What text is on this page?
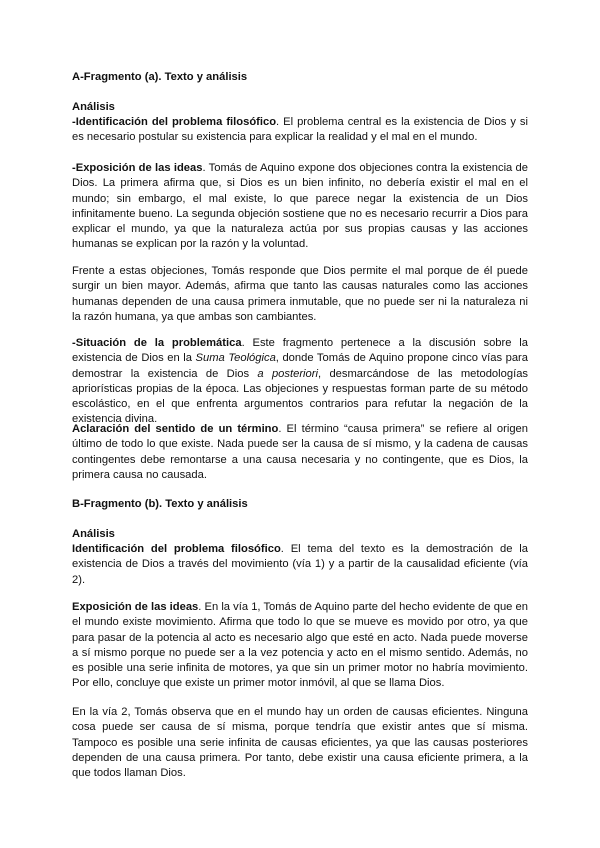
A-Fragmento (a). Texto y análisis

Análisis

-Identificación del problema filosófico. El problema central es la existencia de Dios y si es necesario postular su existencia para explicar la realidad y el mal en el mundo.

-Exposición de las ideas. Tomás de Aquino expone dos objeciones contra la existencia de Dios. La primera afirma que, si Dios es un bien infinito, no debería existir el mal en el mundo; sin embargo, el mal existe, lo que parece negar la existencia de un Dios infinitamente bueno. La segunda objeción sostiene que no es necesario recurrir a Dios para explicar el mundo, ya que la naturaleza actúa por sus propias causas y las acciones humanas se explican por la razón y la voluntad.

Frente a estas objeciones, Tomás responde que Dios permite el mal porque de él puede surgir un bien mayor. Además, afirma que tanto las causas naturales como las acciones humanas dependen de una causa primera inmutable, que no puede ser ni la naturaleza ni la razón humana, ya que ambas son cambiantes.

-Situación de la problemática. Este fragmento pertenece a la discusión sobre la existencia de Dios en la Suma Teológica, donde Tomás de Aquino propone cinco vías para demostrar la existencia de Dios a posteriori, desmarcándose de las metodologías apriorísticas propias de la época. Las objeciones y respuestas forman parte de su método escolástico, en el que enfrenta argumentos contrarios para refutar la negación de la existencia divina.

Aclaración del sentido de un término. El término “causa primera” se refiere al origen último de todo lo que existe. Nada puede ser la causa de sí mismo, y la cadena de causas contingentes debe remontarse a una causa necesaria y no contingente, que es Dios, la primera causa no causada.

B-Fragmento (b). Texto y análisis

Análisis

Identificación del problema filosófico. El tema del texto es la demostración de la existencia de Dios a través del movimiento (vía 1) y a partir de la causalidad eficiente (vía 2).

Exposición de las ideas. En la vía 1, Tomás de Aquino parte del hecho evidente de que en el mundo existe movimiento. Afirma que todo lo que se mueve es movido por otro, ya que para pasar de la potencia al acto es necesario algo que esté en acto. Nada puede moverse a sí mismo porque no puede ser a la vez potencia y acto en el mismo sentido. Además, no es posible una serie infinita de motores, ya que sin un primer motor no habría movimiento. Por ello, concluye que existe un primer motor inmóvil, al que se llama Dios.

En la vía 2, Tomás observa que en el mundo hay un orden de causas eficientes. Ninguna cosa puede ser causa de sí misma, porque tendría que existir antes que sí misma. Tampoco es posible una serie infinita de causas eficientes, ya que las causas posteriores dependen de una causa primera. Por tanto, debe existir una causa eficiente primera, a la que todos llaman Dios.
